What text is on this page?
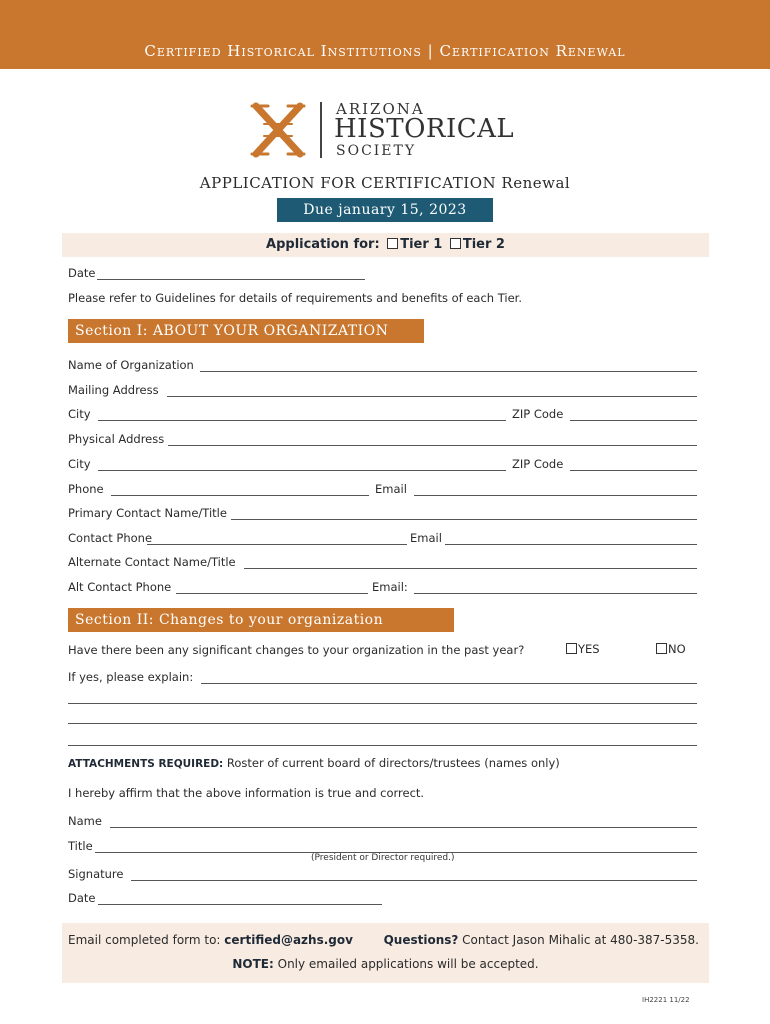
Certified Historical Institutions | Certification Renewal
ARIZONA
HISTORICAL
SOCIETY
APPLICATION FOR CERTIFICATION Renewal
Due january 15, 2023
Application for: Tier 1 Tier 2
Date
Please refer to Guidelines for details of requirements and benefits of each Tier.
Section I: ABOUT YOUR ORGANIZATION
Name of Organization
Mailing Address
City	ZIP Code
Physical Address
City	ZIP Code
Phone	Email
Primary Contact Name/Title
Contact Phone	Email
Alternate Contact Name/Title
Alt Contact Phone	Email:
Section II: Changes to your organization
Have there been any significant changes to your organization in the past year?	YES	NO
If yes, please explain:
ATTACHMENTS REQUIRED: Roster of current board of directors/trustees (names only)
I hereby affirm that the above information is true and correct.
Name
Title
(President or Director required.)
Signature
Date
Email completed form to: certified@azhs.gov	Questions? Contact Jason Mihalic at 480-387-5358.
NOTE: Only emailed applications will be accepted.
IH2221 11/22
